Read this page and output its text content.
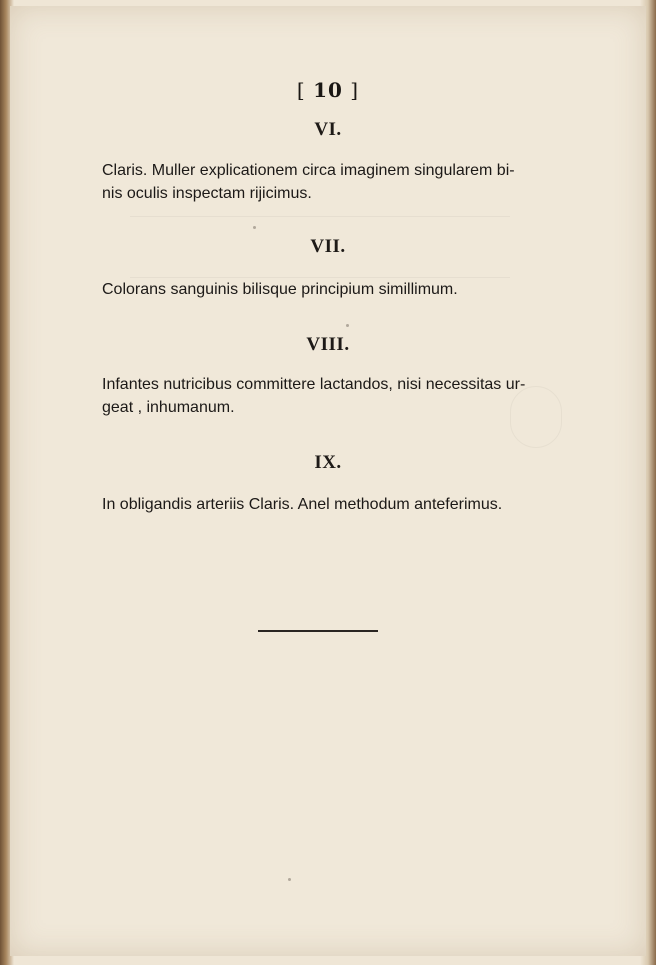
[ 10 ]
VI.
Claris. Muller explicationem circa imaginem singularem bi-
nis oculis inspectam rijicimus.
VII.
Colorans sanguinis bilisque principium simillimum.
VIII.
Infantes nutricibus committere lactandos, nisi necessitas ur-
geat , inhumanum.
IX.
In obligandis arteriis Claris. Anel methodum anteferimus.
